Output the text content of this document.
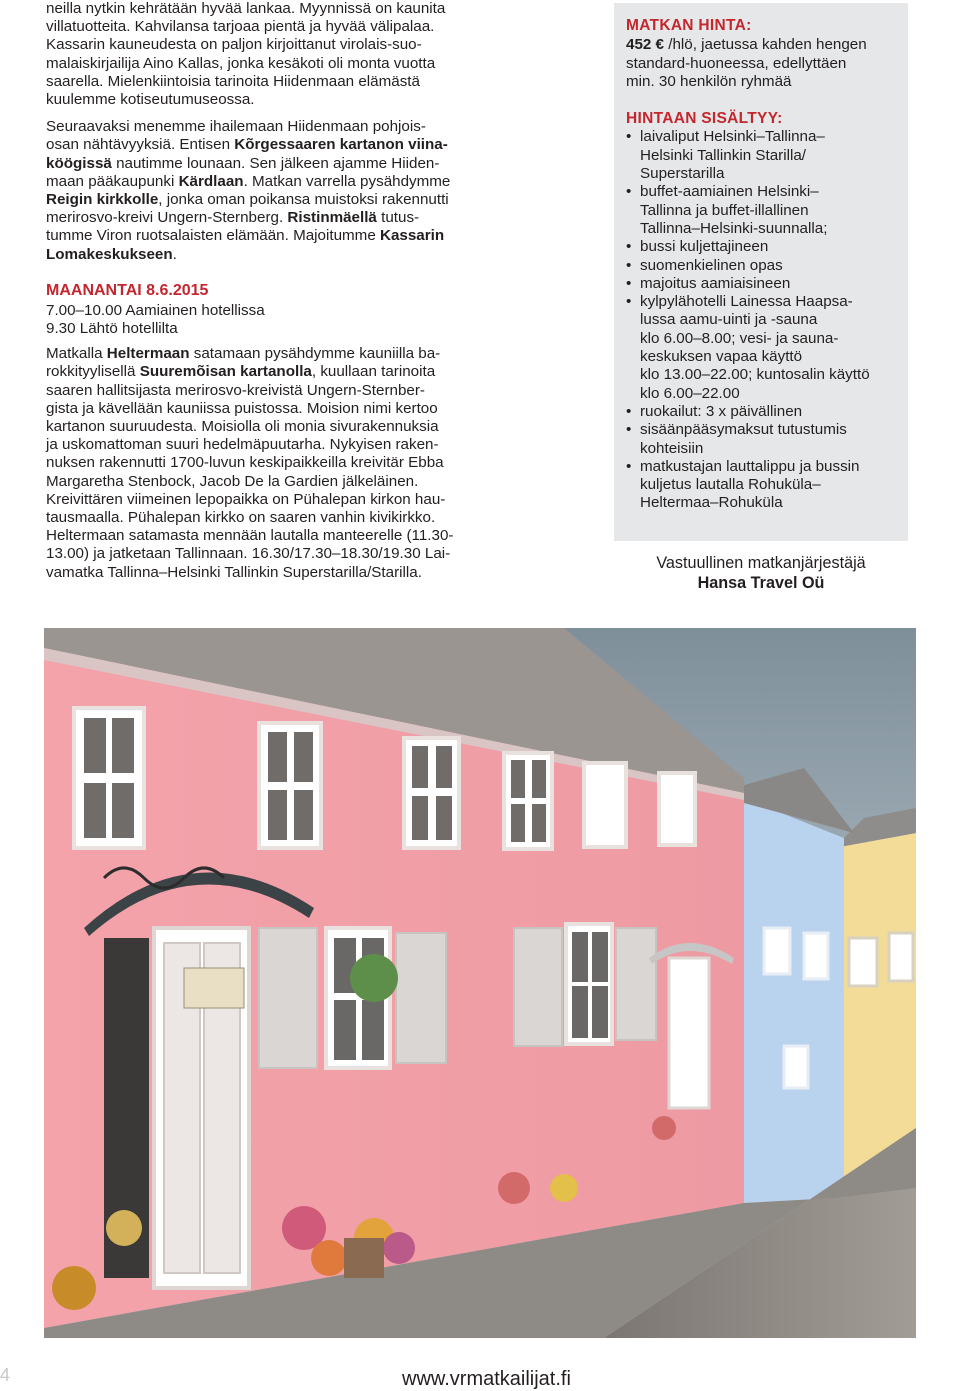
neilla nytkin kehrätään hyvää lankaa. Myynnissä on kaunita
villatuotteita. Kahvilansa tarjoaa pientä ja hyvää välipalaa.
Kassarin kauneudesta on paljon kirjoittanut virolais-suo-
malaiskirjailija Aino Kallas, jonka kesäkoti oli monta vuotta
saarella. Mielenkiintoisia tarinoita Hiidenmaan elämästä
kuulemme kotiseutumuseossa.

Seuraavaksi menemme ihailemaan Hiidenmaan pohjois-
osan nähtävyyksiä. Entisen Kõrgessaaren kartanon viina-
köögissä nautimme lounaan. Sen jälkeen ajamme Hiiden-
maan pääkaupunki Kärdlaan. Matkan varrella pysähdymme
Reigin kirkkolle, jonka oman poikansa muistoksi rakennutti
merirosvo-kreivi Ungern-Sternberg. Ristinmäellä tutus-
tumme Viron ruotsalaisten elämään. Majoitumme Kassarin
Lomakeskukseen.

MAANANTAI 8.6.2015

7.00–10.00 Aamiainen hotellissa

9.30 Lähtö hotellilta

Matkalla Heltermaan satamaan pysähdymme kauniilla ba-
rokkityylisellä Suuremõisan kartanolla, kuullaan tarinoita
saaren hallitsijasta merirosvo-kreivistä Ungern-Sternber-
gista ja kävellään kauniissa puistossa. Moision nimi kertoo
kartanon suuruudesta. Moisiolla oli monia sivurakennuksia
ja uskomattoman suuri hedelmäpuutarha. Nykyisen raken-
nuksen rakennutti 1700-luvun keskipaikkeilla kreivitär Ebba
Margaretha Stenbock, Jacob De la Gardien jälkeläinen.
Kreivittären viimeinen lepopaikka on Pühalepan kirkon hau-
tausmaalla. Pühalepan kirkko on saaren vanhin kivikirkko.
Heltermaan satamasta mennään lautalla manteerelle (11.30-
13.00) ja jatketaan Tallinnaan. 16.30/17.30–18.30/19.30 Lai-
vamatka Tallinna–Helsinki Tallinkin Superstarilla/Starilla.

MATKAN HINTA:
452 € /hlö, jaetussa kahden hengen
standard-huoneessa, edellyttäen
min. 30 henkilön ryhmää
HINTAAN SISÄLTYY:
• laivaliput Helsinki–Tallinna–
Helsinki Tallinkin Starilla/
Superstarilla
• buffet-aamiainen Helsinki–
Tallinna ja buffet-illallinen
Tallinna–Helsinki-suunnalla;
• bussi kuljettajineen
• suomenkielinen opas
• majoitus aamiaisineen
• kylpylähotelli Lainessa Haapsa-
lussa aamu-uinti ja -sauna
klo 6.00–8.00; vesi- ja sauna-
keskuksen vapaa käyttö
klo 13.00–22.00; kuntosalin käyttö
klo 6.00–22.00
• ruokailut: 3 x päivällinen
• sisäänpääsymaksut tutustumis
kohteisiin
• matkustajan lauttalippu ja bussin
kuljetus lautalla Rohuküla–
Heltermaa–Rohuküla
Vastuullinen matkanjärjestäjä
Hansa Travel Oü
4	www.vrmatkailijat.fi
